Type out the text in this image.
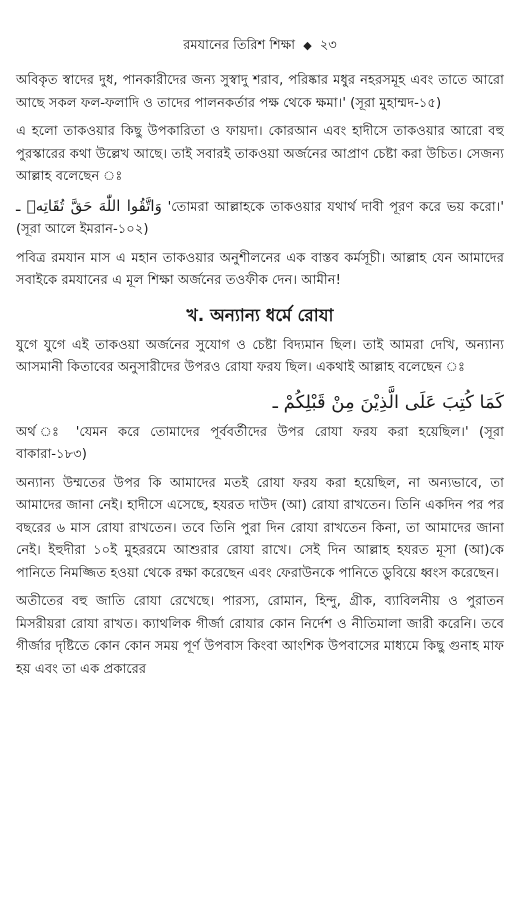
রমযানের তিরিশ শিক্ষা ◆ ২৩

অবিকৃত স্বাদের দুধ, পানকারীদের জন্য সুস্বাদু শরাব, পরিষ্কার মধুর নহরসমূহ এবং তাতে আরো আছে সকল ফল-ফলাদি ও তাদের পালনকর্তার পক্ষ থেকে ক্ষমা।' (সূরা মুহাম্মদ-১৫)

এ হলো তাকওয়ার কিছু উপকারিতা ও ফায়দা। কোরআন এবং হাদীসে তাকওয়ার আরো বহু পুরস্কারের কথা উল্লেখ আছে। তাই সবারই তাকওয়া অর্জনের আপ্রাণ চেষ্টা করা উচিত। সেজন্য আল্লাহ বলেছেন ঃ

وَاتَّقُوا اللّٰهَ حَقَّ تُقَاتِهٖ ـ 'তোমরা আল্লাহকে তাকওয়ার যথার্থ দাবী পূরণ করে ভয় করো।' (সূরা আলে ইমরান-১০২)

পবিত্র রমযান মাস এ মহান তাকওয়ার অনুশীলনের এক বাস্তব কর্মসূচী। আল্লাহ যেন আমাদের সবাইকে রমযানের এ মূল শিক্ষা অর্জনের তওফীক দেন। আমীন!

খ. অন্যান্য ধর্মে রোযা

যুগে যুগে এই তাকওয়া অর্জনের সুযোগ ও চেষ্টা বিদ্যমান ছিল। তাই আমরা দেখি, অন্যান্য আসমানী কিতাবের অনুসারীদের উপরও রোযা ফরয ছিল। একথাই আল্লাহ বলেছেন ঃ

كَمَا كُتِبَ عَلَى الَّذِيْنَ مِنْ قَبْلِكُمْ ـ

অর্থ ঃ 'যেমন করে তোমাদের পূর্ববর্তীদের উপর রোযা ফরয করা হয়েছিল।' (সূরা বাকারা-১৮৩)

অন্যান্য উম্মতের উপর কি আমাদের মতই রোযা ফরয করা হয়েছিল, না অন্যভাবে, তা আমাদের জানা নেই। হাদীসে এসেছে, হযরত দাউদ (আ) রোযা রাখতেন। তিনি একদিন পর পর বছরের ৬ মাস রোযা রাখতেন। তবে তিনি পুরা দিন রোযা রাখতেন কিনা, তা আমাদের জানা নেই। ইহুদীরা ১০ই মুহররমে আশুরার রোযা রাখে। সেই দিন আল্লাহ হযরত মূসা (আ)কে পানিতে নিমজ্জিত হওয়া থেকে রক্ষা করেছেন এবং ফেরাউনকে পানিতে ডুবিয়ে ধ্বংস করেছেন।

অতীতের বহু জাতি রোযা রেখেছে। পারস্য, রোমান, হিন্দু, গ্রীক, ব্যাবিলনীয় ও পুরাতন মিসরীয়রা রোযা রাখত। ক্যাথলিক গীর্জা রোযার কোন নির্দেশ ও নীতিমালা জারী করেনি। তবে গীর্জার দৃষ্টিতে কোন কোন সময় পূর্ণ উপবাস কিংবা আংশিক উপবাসের মাধ্যমে কিছু গুনাহ মাফ হয় এবং তা এক প্রকারের
